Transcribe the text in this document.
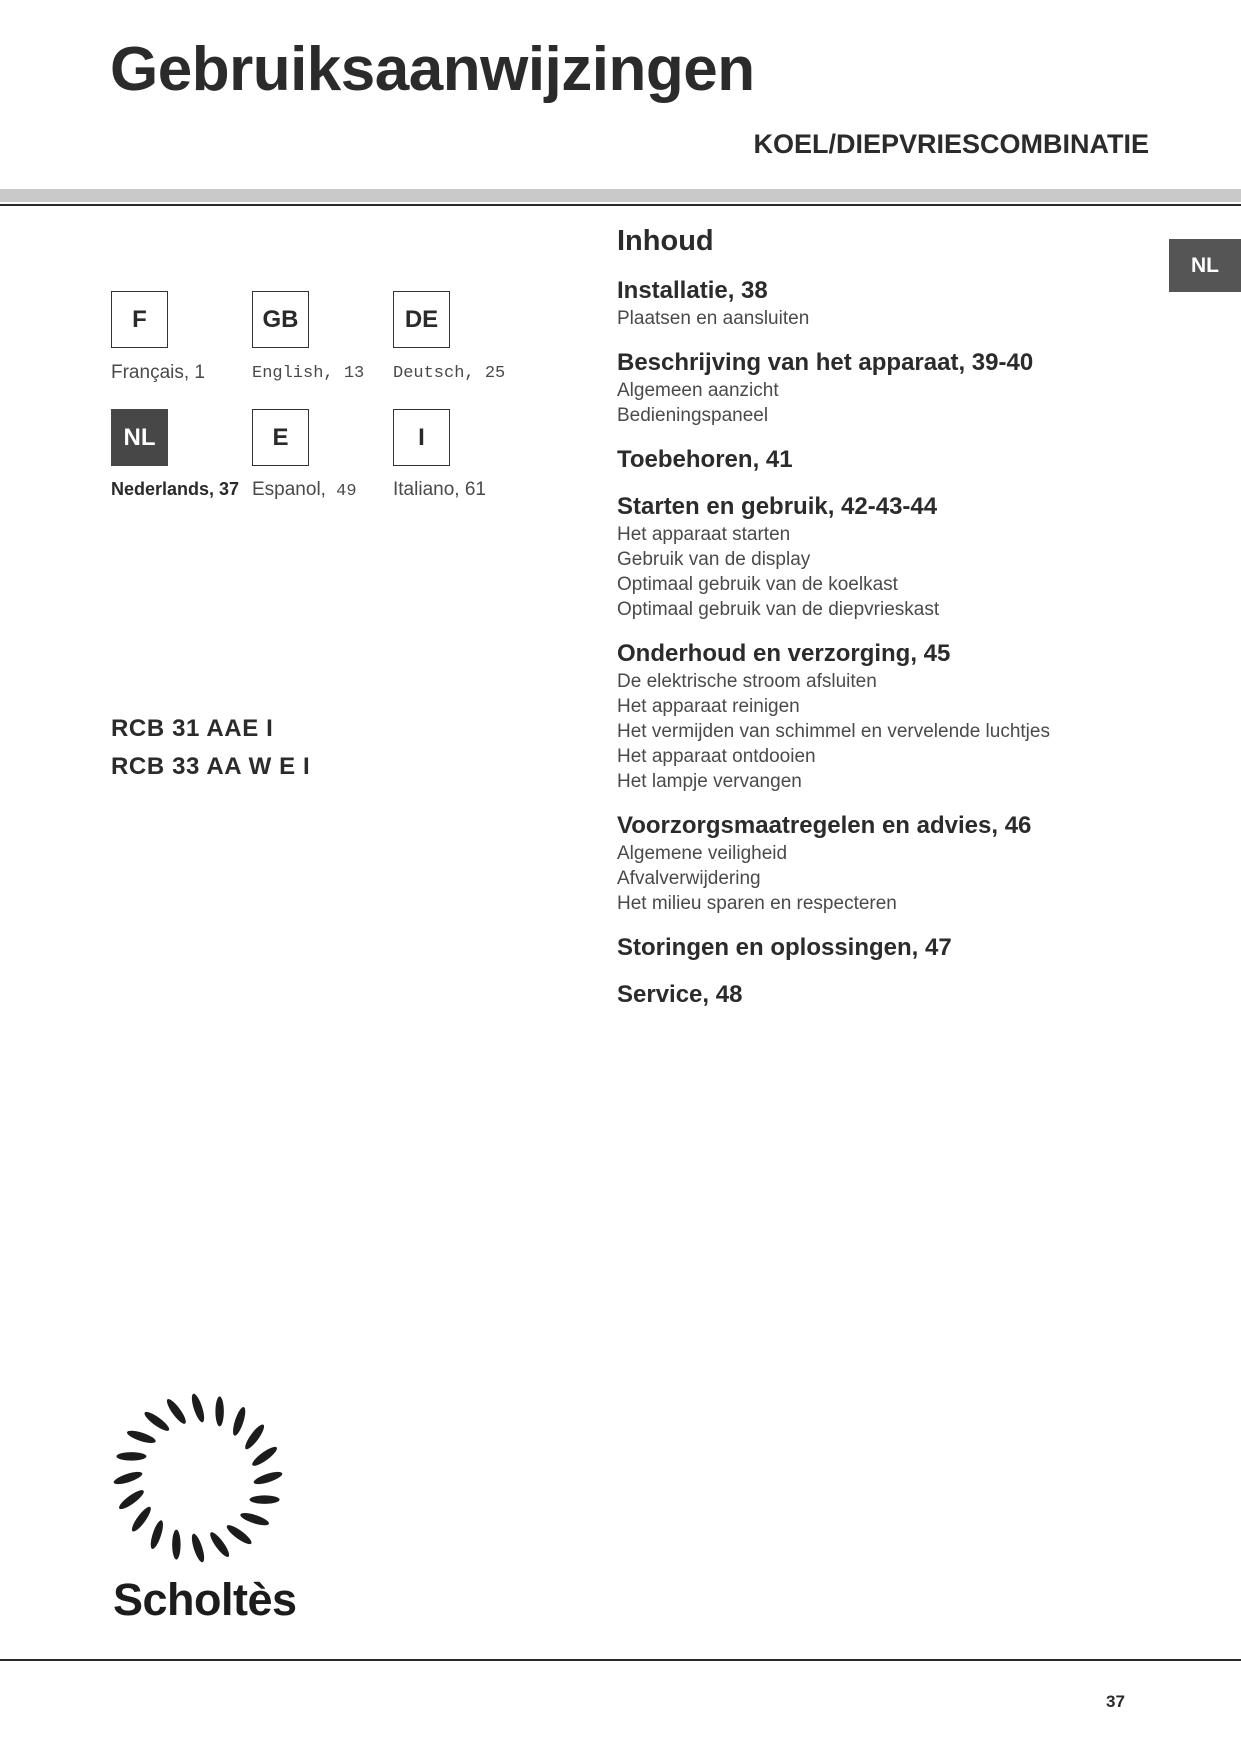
Gebruiksaanwijzingen
KOEL/DIEPVRIESCOMBINATIE
NL
F	GB	DE
Français, 1	English, 13 Deutsch, 25
NL	E	I
Nederlands, 37 Espanol, 49 Italiano, 61
RCB 31 AAE I
RCB 33 AA W E I
Inhoud
Installatie, 38
Plaatsen en aansluiten
Beschrijving van het apparaat, 39-40
Algemeen aanzicht
Bedieningspaneel
Toebehoren, 41
Starten en gebruik, 42-43-44
Het apparaat starten
Gebruik van de display
Optimaal gebruik van de koelkast
Optimaal gebruik van de diepvrieskast
Onderhoud en verzorging, 45
De elektrische stroom afsluiten
Het apparaat reinigen
Het vermijden van schimmel en vervelende luchtjes
Het apparaat ontdooien
Het lampje vervangen
Voorzorgsmaatregelen en advies, 46
Algemene veiligheid
Afvalverwijdering
Het milieu sparen en respecteren
Storingen en oplossingen, 47
Service, 48
Scholtès
37
